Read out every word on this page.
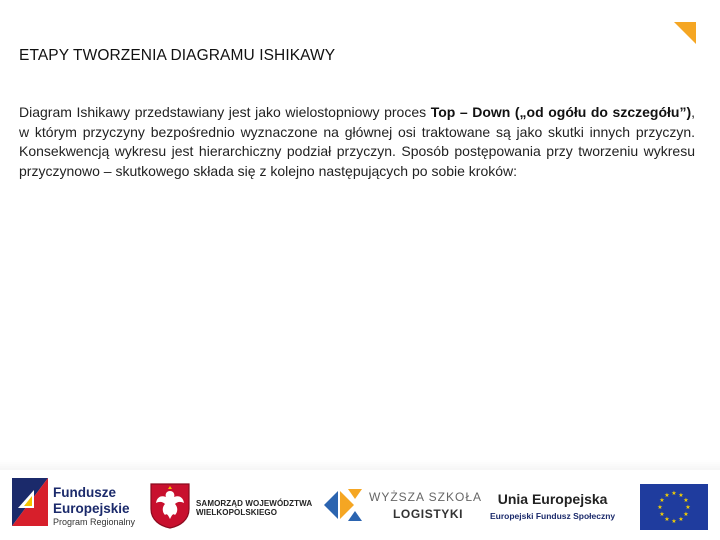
ETAPY TWORZENIA DIAGRAMU ISHIKAWY

Diagram Ishikawy przedstawiany jest jako wielostopniowy proces Top – Down („od ogółu do szczegółu”), w którym przyczyny bezpośrednio wyznaczone na głównej osi traktowane są jako skutki innych przyczyn. Konsekwencją wykresu jest hierarchiczny podział przyczyn. Sposób postępowania przy tworzeniu wykresu przyczynowo – skutkowego składa się z kolejno następujących po sobie kroków:

Fundusze
Europejskie
Program Regionalny
SAMORZĄD WOJEWÓDZTWA
WIELKOPOLSKIEGO
WYŻSZA SZKOŁA
LOGISTYKI
Unia Europejska
Europejski Fundusz Społeczny
★ ★
★
★
★
★
★
★
★
★
★
★
